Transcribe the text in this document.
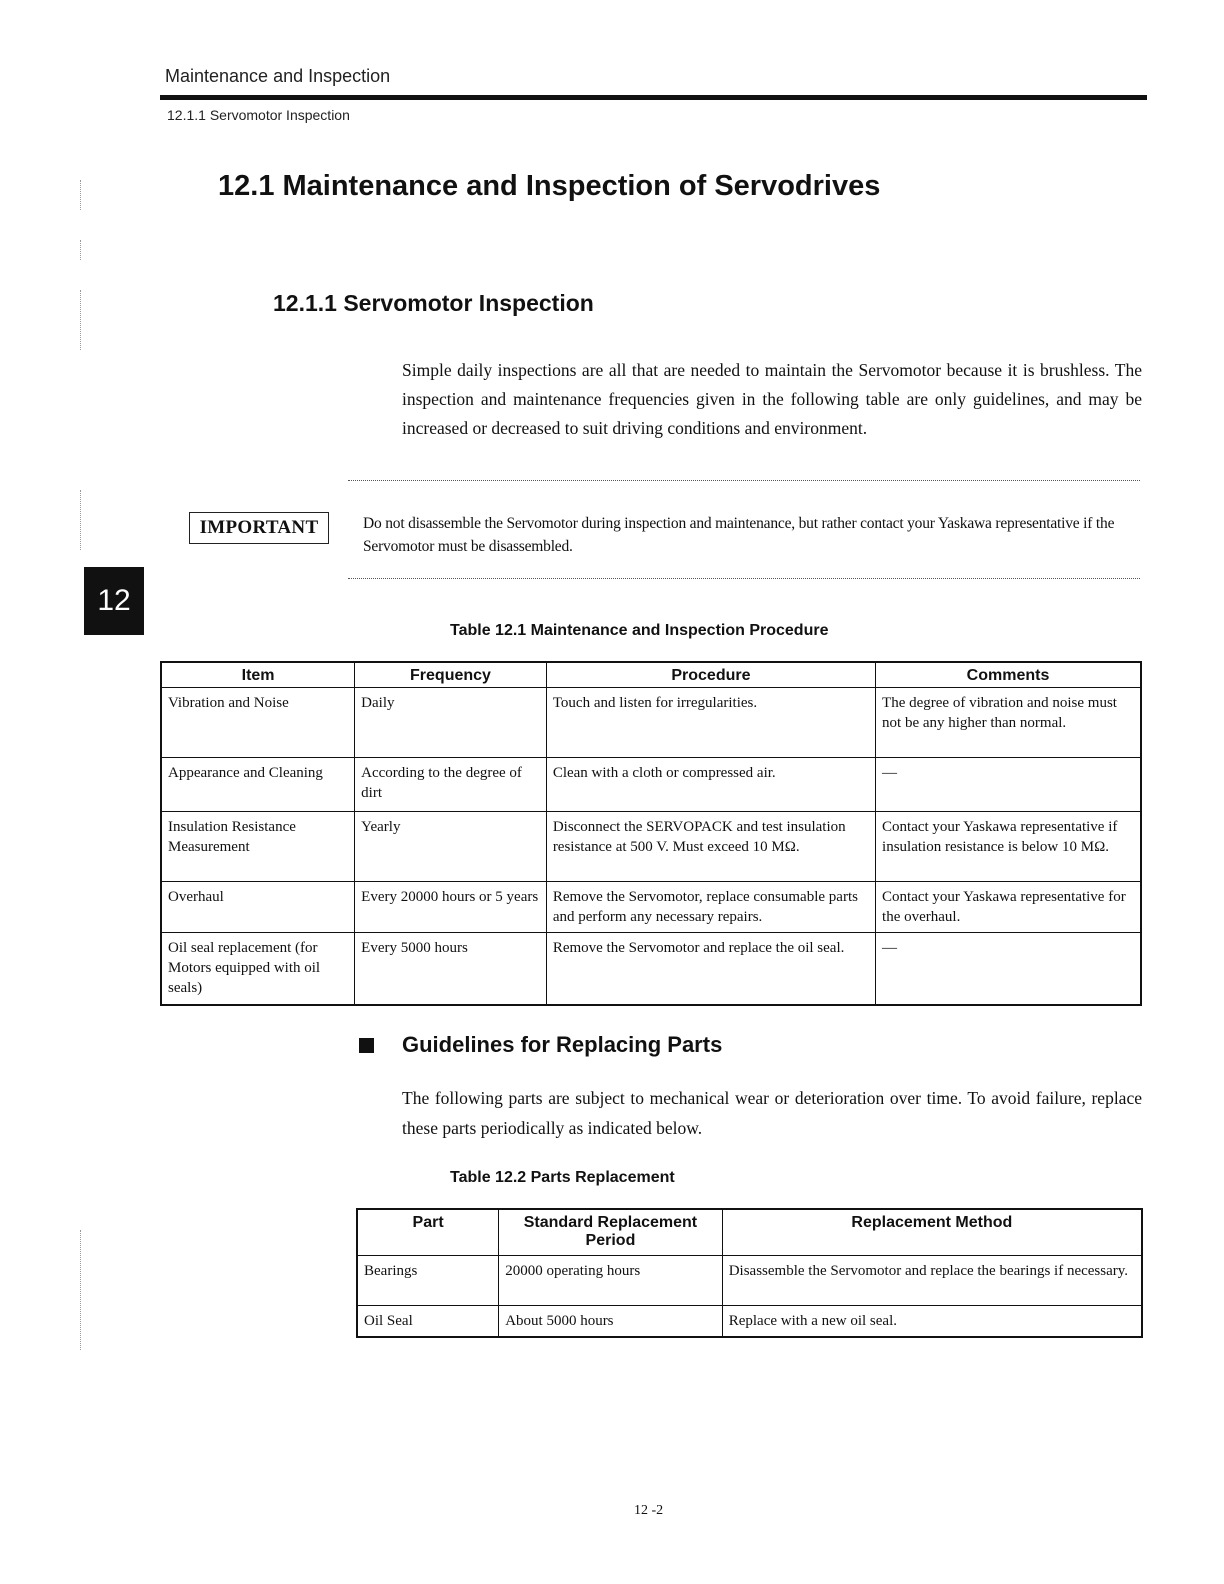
Maintenance and Inspection
12.1.1 Servomotor Inspection
12
12.1 Maintenance and Inspection of Servodrives
12.1.1 Servomotor Inspection
Simple daily inspections are all that are needed to maintain the Servomotor because it is brushless. The inspection and maintenance frequencies given in the following table are only guidelines, and may be increased or decreased to suit driving conditions and environment.
IMPORTANT	Do not disassemble the Servomotor during inspection and maintenance, but rather contact your Yaskawa representative if the Servomotor must be disassembled.
Table 12.1 Maintenance and Inspection Procedure
Item	Frequency	Procedure	Comments
Vibration and Noise	Daily	Touch and listen for irregularities.	The degree of vibration and noise must not be any higher than normal.
Appearance and Cleaning	According to the degree of dirt	Clean with a cloth or compressed air.	—
Insulation Resistance Measurement	Yearly	Disconnect the SERVOPACK and test insulation resistance at 500 V. Must exceed 10 MΩ.	Contact your Yaskawa representative if insulation resistance is below 10 MΩ.
Overhaul	Every 20000 hours or 5 years	Remove the Servomotor, replace consumable parts and perform any necessary repairs.	Contact your Yaskawa representative for the overhaul.
Oil seal replacement (for Motors equipped with oil seals)	Every 5000 hours	Remove the Servomotor and replace the oil seal.	—
Guidelines for Replacing Parts
The following parts are subject to mechanical wear or deterioration over time. To avoid failure, replace these parts periodically as indicated below.
Table 12.2 Parts Replacement
Part	Standard Replacement Period	Replacement Method
Bearings	20000 operating hours	Disassemble the Servomotor and replace the bearings if necessary.
Oil Seal	About 5000 hours	Replace with a new oil seal.
12 -2
